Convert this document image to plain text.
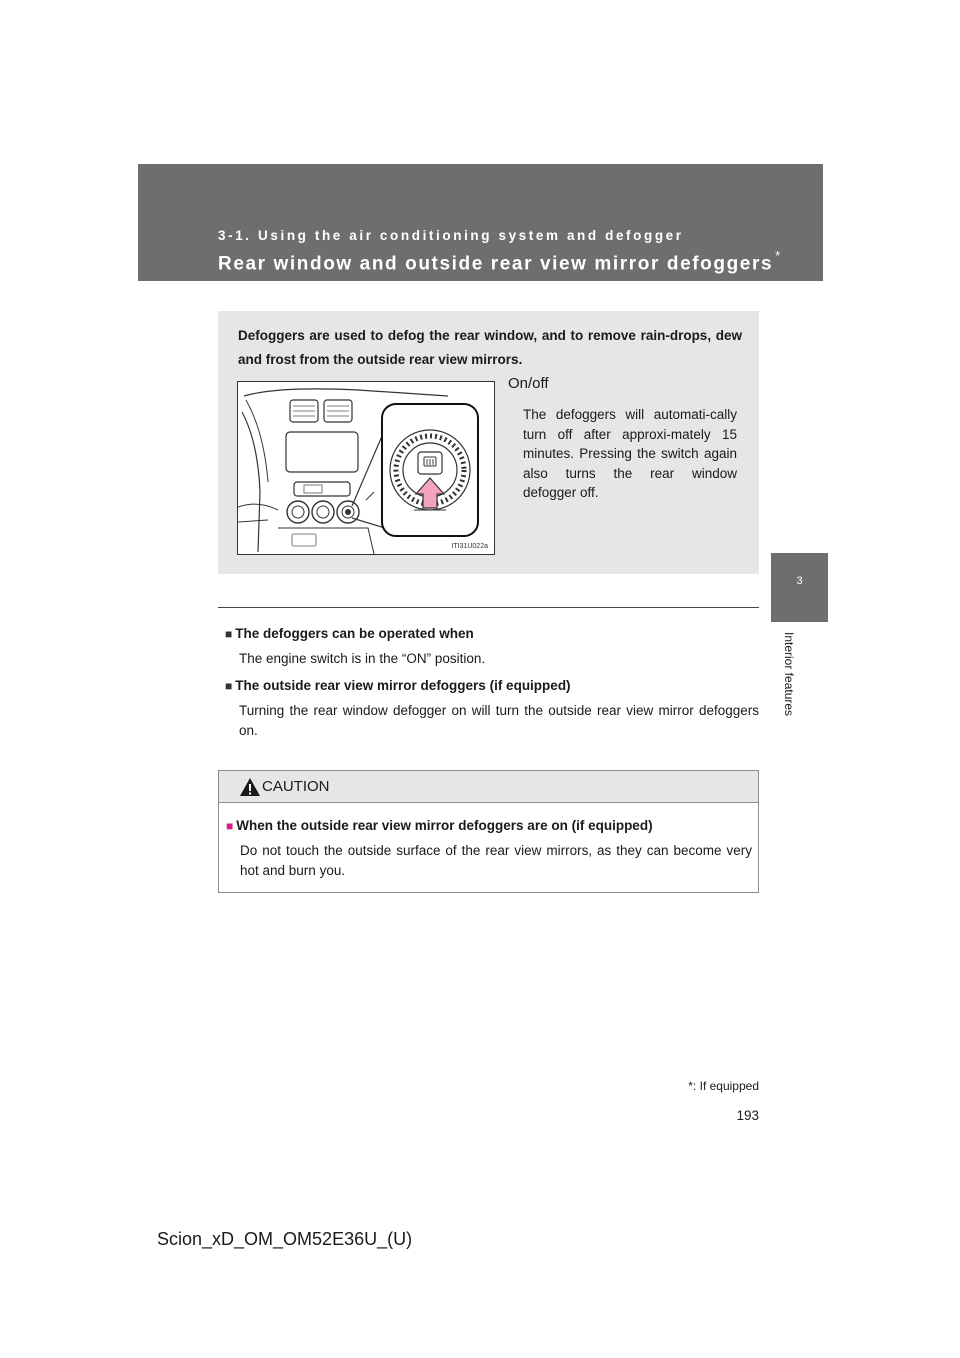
3-1. Using the air conditioning system and defogger
Rear window and outside rear view mirror defoggers *
3
Interior features
Defoggers are used to defog the rear window, and to remove rain-drops, dew and frost from the outside rear view mirrors.
ITI31U022a
On/off
The defoggers will automati-cally turn off after approxi-mately 15 minutes. Pressing the switch again also turns the rear window defogger off.
■ The defoggers can be operated when
The engine switch is in the “ON” position.
■ The outside rear view mirror defoggers (if equipped)
Turning the rear window defogger on will turn the outside rear view mirror defoggers on.
CAUTION
■ When the outside rear view mirror defoggers are on (if equipped)
Do not touch the outside surface of the rear view mirrors, as they can become very hot and burn you.
*: If equipped
193
Scion_xD_OM_OM52E36U_(U)
